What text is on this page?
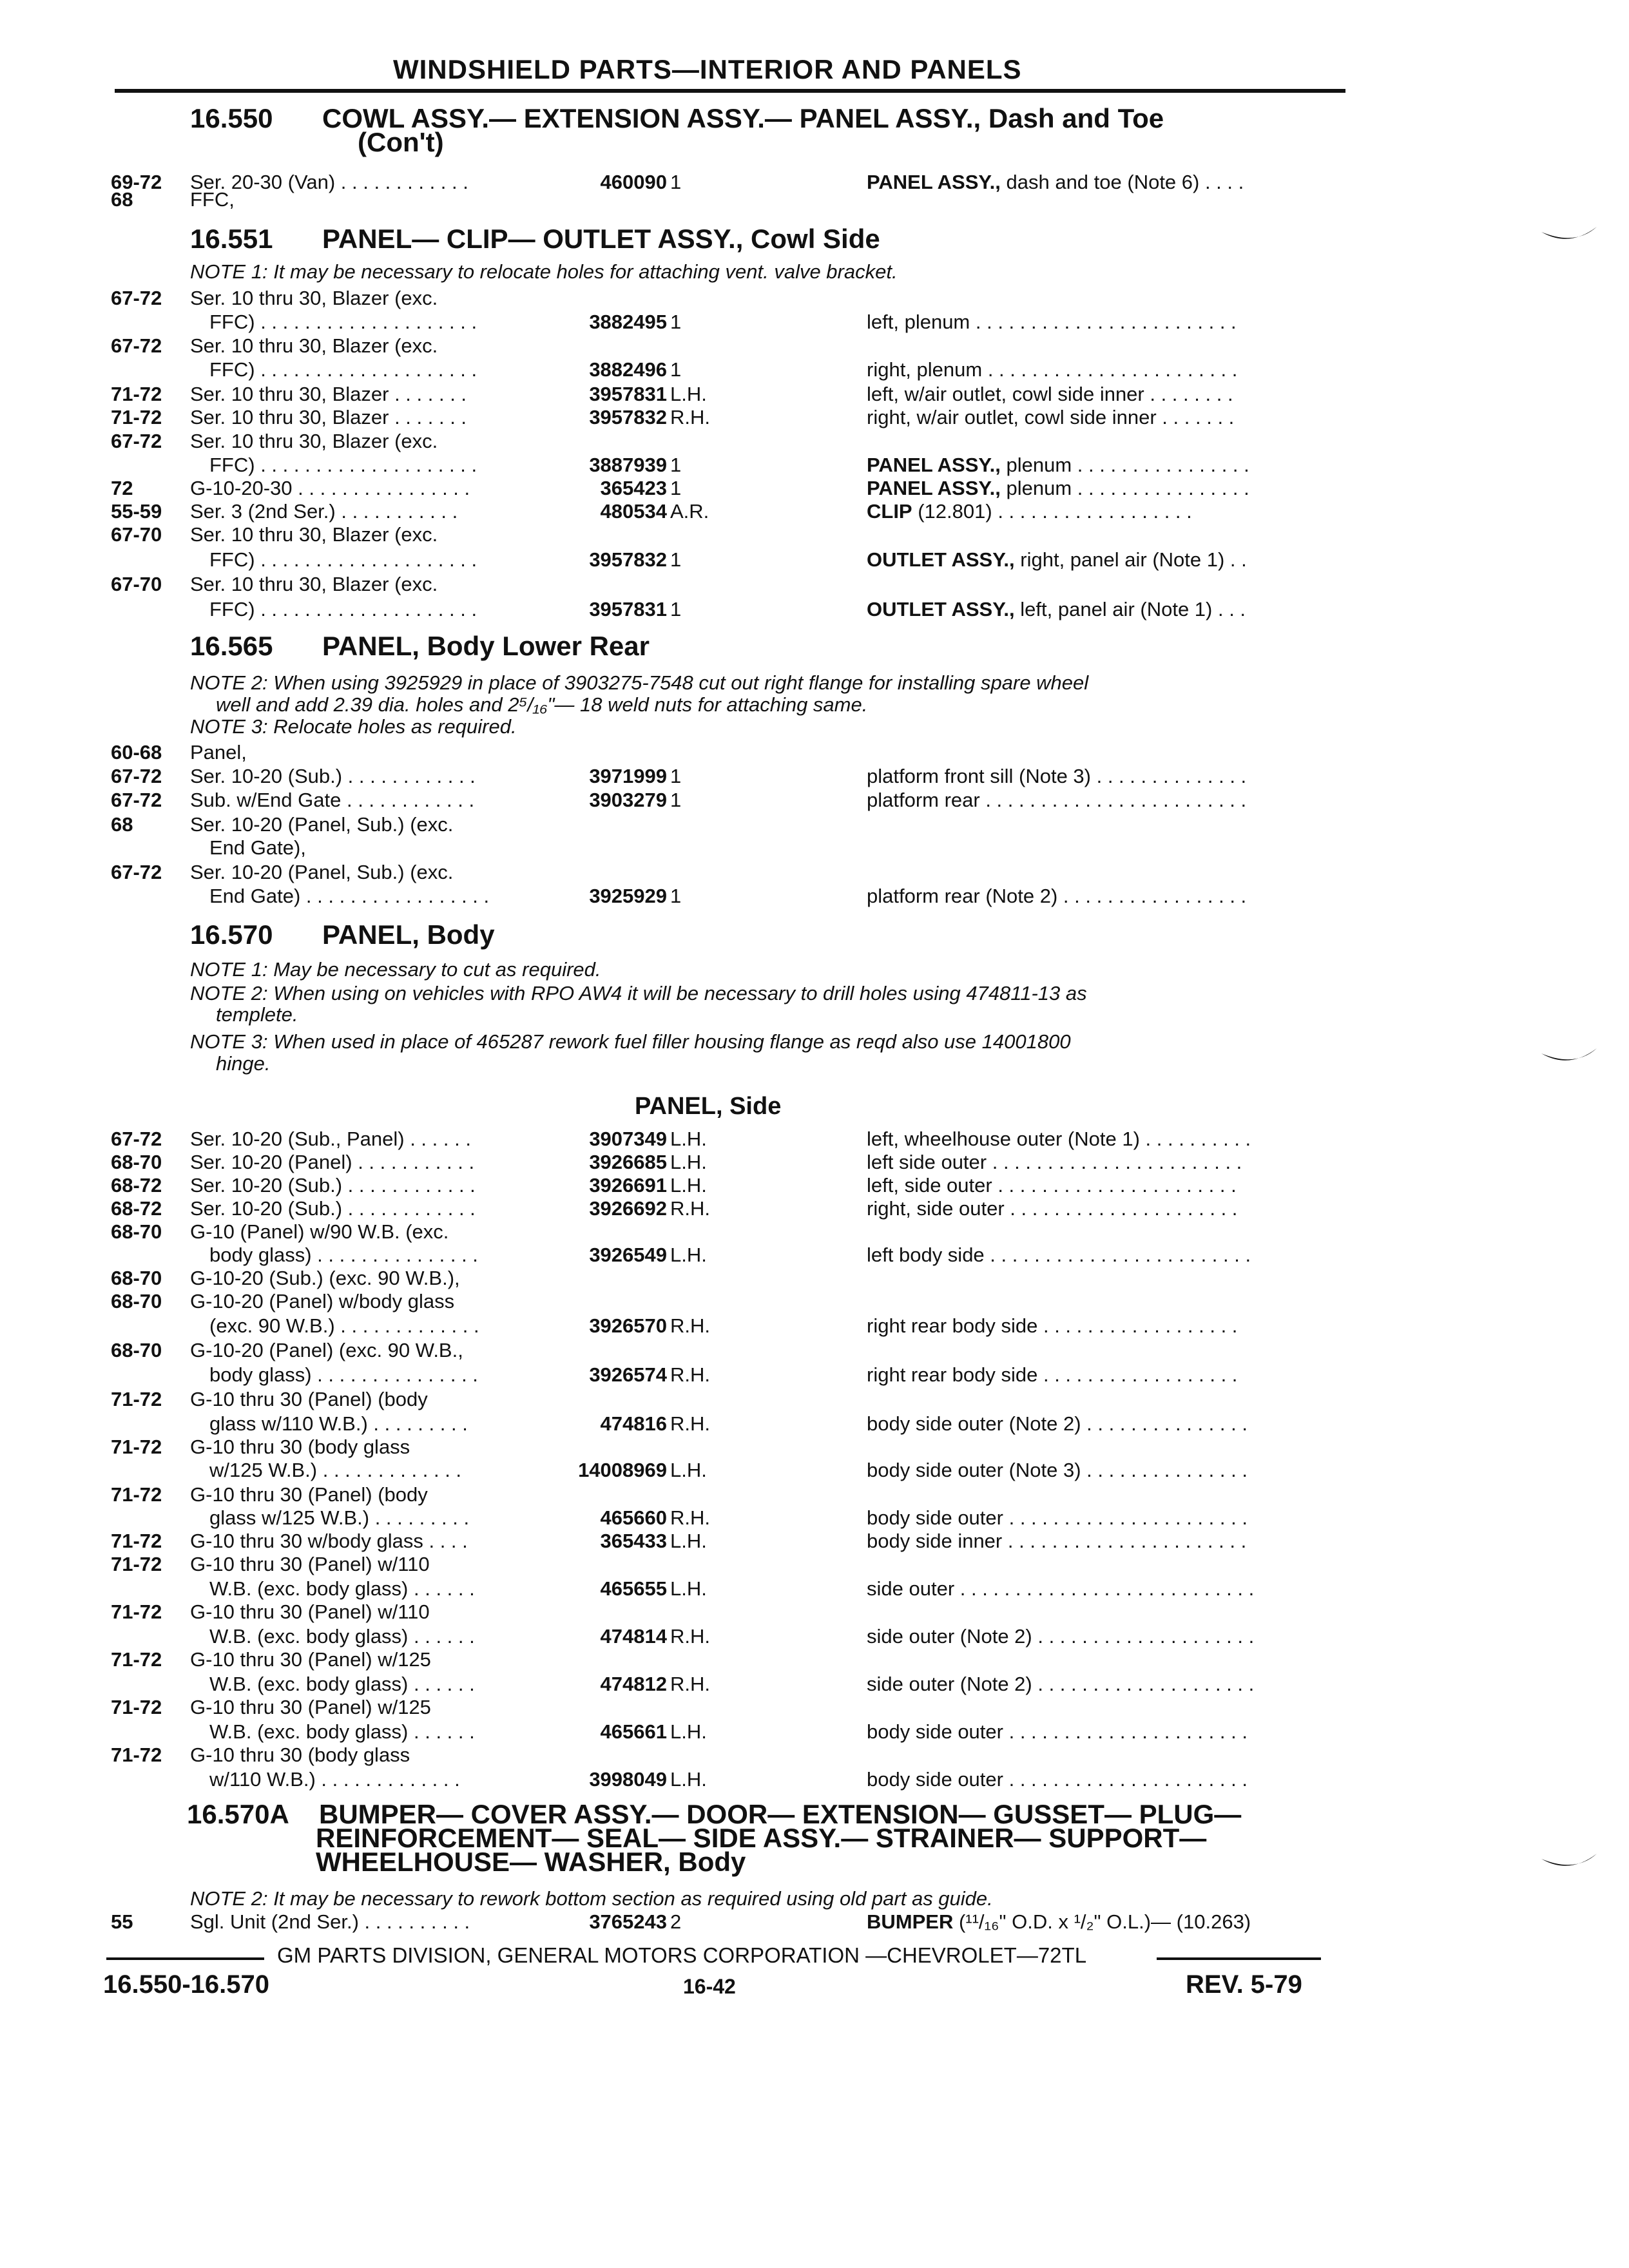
WINDSHIELD PARTS—INTERIOR AND PANELS
16.550 COWL ASSY.— EXTENSION ASSY.— PANEL ASSY., Dash and Toe
(Con't)
16.551 PANEL— CLIP— OUTLET ASSY., Cowl Side
NOTE 1: It may be necessary to relocate holes for attaching vent. valve bracket.
16.565 PANEL, Body Lower Rear
NOTE 2: When using 3925929 in place of 3903275-7548 cut out right flange for installing spare wheel
well and add 2.39 dia. holes and 2⁵/₁₆"— 18 weld nuts for attaching same.
NOTE 3: Relocate holes as required.
16.570 PANEL, Body
NOTE 1: May be necessary to cut as required.
NOTE 2: When using on vehicles with RPO AW4 it will be necessary to drill holes using 474811-13 as
templete.
NOTE 3: When used in place of 465287 rework fuel filler housing flange as reqd also use 14001800
hinge.
PANEL, Side
16.570A BUMPER— COVER ASSY.— DOOR— EXTENSION— GUSSET— PLUG—
REINFORCEMENT— SEAL— SIDE ASSY.— STRAINER— SUPPORT—
WHEELHOUSE— WASHER, Body
NOTE 2: It may be necessary to rework bottom section as required using old part as guide.
69-72 Ser. 20-30 (Van) . . . . . . . . . . . .	460090 1	PANEL ASSY., dash and toe (Note 6) . . . .
68	FFC,
67-72 Ser. 10 thru 30, Blazer (exc.
FFC) . . . . . . . . . . . . . . . . . . . .	3882495 1	left, plenum . . . . . . . . . . . . . . . . . . . . . . . .
67-72 Ser. 10 thru 30, Blazer (exc.
FFC) . . . . . . . . . . . . . . . . . . . .	3882496 1	right, plenum . . . . . . . . . . . . . . . . . . . . . . .
71-72 Ser. 10 thru 30, Blazer . . . . . . .	3957831 L.H.	left, w/air outlet, cowl side inner . . . . . . . .
71-72 Ser. 10 thru 30, Blazer . . . . . . .	3957832 R.H.	right, w/air outlet, cowl side inner . . . . . . .
67-72 Ser. 10 thru 30, Blazer (exc.
FFC) . . . . . . . . . . . . . . . . . . . .	3887939 1	PANEL ASSY., plenum . . . . . . . . . . . . . . . .
72	G-10-20-30 . . . . . . . . . . . . . . . .	365423 1	PANEL ASSY., plenum . . . . . . . . . . . . . . . .
55-59 Ser. 3 (2nd Ser.) . . . . . . . . . . .	480534 A.R.	CLIP (12.801) . . . . . . . . . . . . . . . . . .
67-70 Ser. 10 thru 30, Blazer (exc.
FFC) . . . . . . . . . . . . . . . . . . . .	3957832 1	OUTLET ASSY., right, panel air (Note 1) . .
67-70 Ser. 10 thru 30, Blazer (exc.
FFC) . . . . . . . . . . . . . . . . . . . .	3957831 1	OUTLET ASSY., left, panel air (Note 1) . . .
60-68 Panel,
67-72 Ser. 10-20 (Sub.) . . . . . . . . . . . .	3971999 1	platform front sill (Note 3) . . . . . . . . . . . . . .
67-72 Sub. w/End Gate . . . . . . . . . . . .	3903279 1	platform rear . . . . . . . . . . . . . . . . . . . . . . . .
68	Ser. 10-20 (Panel, Sub.) (exc.
End Gate),
67-72 Ser. 10-20 (Panel, Sub.) (exc.
End Gate) . . . . . . . . . . . . . . . . .	3925929 1	platform rear (Note 2) . . . . . . . . . . . . . . . . .
67-72 Ser. 10-20 (Sub., Panel) . . . . . .	3907349 L.H.	left, wheelhouse outer (Note 1) . . . . . . . . . .
68-70 Ser. 10-20 (Panel) . . . . . . . . . . .	3926685 L.H.	left side outer . . . . . . . . . . . . . . . . . . . . . . .
68-72 Ser. 10-20 (Sub.) . . . . . . . . . . . .	3926691 L.H.	left, side outer . . . . . . . . . . . . . . . . . . . . . .
68-72 Ser. 10-20 (Sub.) . . . . . . . . . . . .	3926692 R.H.	right, side outer . . . . . . . . . . . . . . . . . . . . .
68-70 G-10 (Panel) w/90 W.B. (exc.
body glass) . . . . . . . . . . . . . . .	3926549 L.H.	left body side . . . . . . . . . . . . . . . . . . . . . . . .
68-70 G-10-20 (Sub.) (exc. 90 W.B.),
68-70 G-10-20 (Panel) w/body glass
(exc. 90 W.B.) . . . . . . . . . . . . .	3926570 R.H.	right rear body side . . . . . . . . . . . . . . . . . .
68-70 G-10-20 (Panel) (exc. 90 W.B.,
body glass) . . . . . . . . . . . . . . .	3926574 R.H.	right rear body side . . . . . . . . . . . . . . . . . .
71-72 G-10 thru 30 (Panel) (body
glass w/110 W.B.) . . . . . . . . .	474816 R.H.	body side outer (Note 2) . . . . . . . . . . . . . . .
71-72 G-10 thru 30 (body glass
w/125 W.B.) . . . . . . . . . . . . .	14008969 L.H.	body side outer (Note 3) . . . . . . . . . . . . . . .
71-72 G-10 thru 30 (Panel) (body
glass w/125 W.B.) . . . . . . . . .	465660 R.H.	body side outer . . . . . . . . . . . . . . . . . . . . . .
71-72 G-10 thru 30 w/body glass . . . .	365433 L.H.	body side inner . . . . . . . . . . . . . . . . . . . . . .
71-72 G-10 thru 30 (Panel) w/110
W.B. (exc. body glass) . . . . . .	465655 L.H.	side outer . . . . . . . . . . . . . . . . . . . . . . . . . . .
71-72 G-10 thru 30 (Panel) w/110
W.B. (exc. body glass) . . . . . .	474814 R.H.	side outer (Note 2) . . . . . . . . . . . . . . . . . . . .
71-72 G-10 thru 30 (Panel) w/125
W.B. (exc. body glass) . . . . . .	474812 R.H.	side outer (Note 2) . . . . . . . . . . . . . . . . . . . .
71-72 G-10 thru 30 (Panel) w/125
W.B. (exc. body glass) . . . . . .	465661 L.H.	body side outer . . . . . . . . . . . . . . . . . . . . . .
71-72 G-10 thru 30 (body glass
w/110 W.B.) . . . . . . . . . . . . .	3998049 L.H.	body side outer . . . . . . . . . . . . . . . . . . . . . .
55	Sgl. Unit (2nd Ser.) . . . . . . . . . .	3765243 2	BUMPER (¹¹/₁₆" O.D. x ¹/₂" O.L.)— (10.263)
GM PARTS DIVISION, GENERAL MOTORS CORPORATION —CHEVROLET—72TL
16.550-16.570	16-42	REV. 5-79
